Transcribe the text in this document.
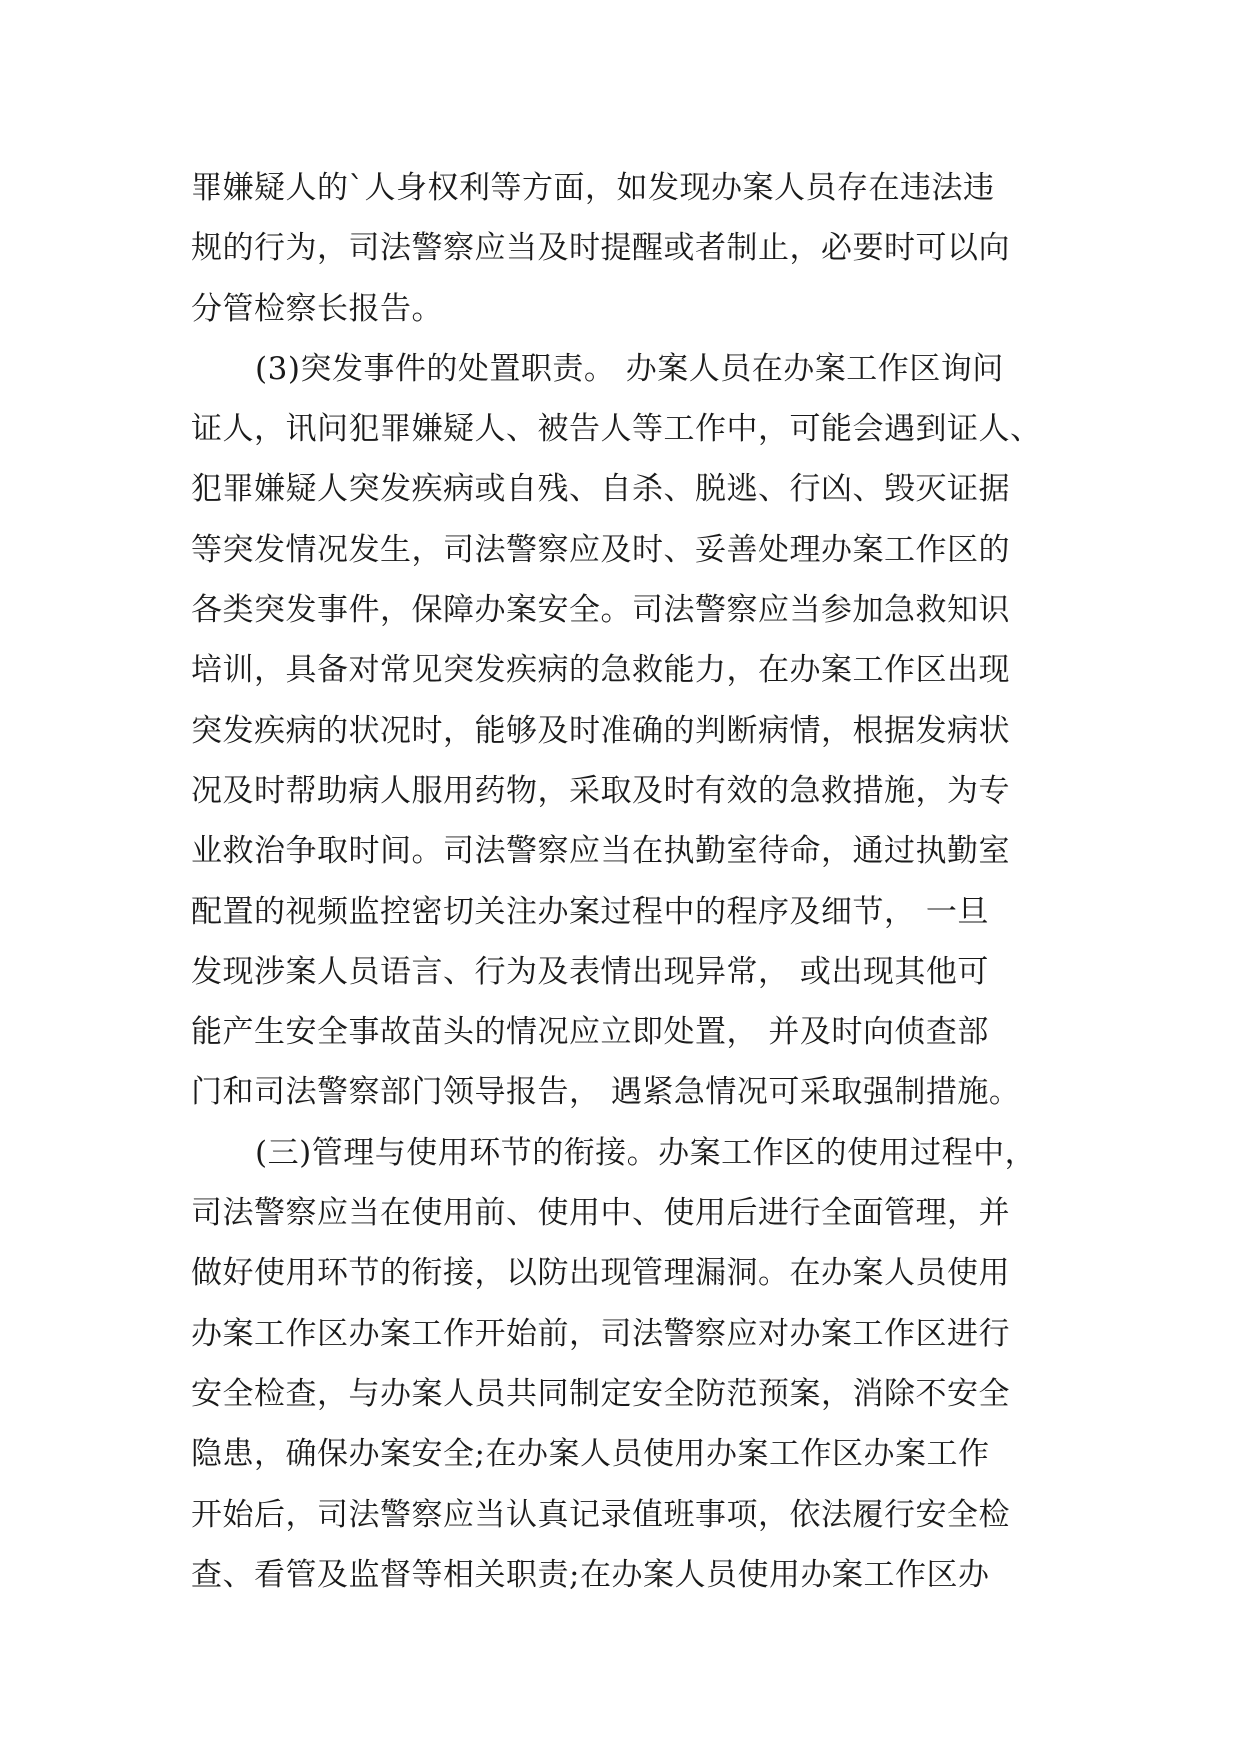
罪嫌疑人的`人身权利等方面，如发现办案人员存在违法违
规的行为，司法警察应当及时提醒或者制止，必要时可以向
分管检察长报告。
(3)突发事件的处置职责。 办案人员在办案工作区询问
证人，讯问犯罪嫌疑人、被告人等工作中，可能会遇到证人、
犯罪嫌疑人突发疾病或自残、自杀、脱逃、行凶、毁灭证据
等突发情况发生，司法警察应及时、妥善处理办案工作区的
各类突发事件，保障办案安全。司法警察应当参加急救知识
培训，具备对常见突发疾病的急救能力，在办案工作区出现
突发疾病的状况时，能够及时准确的判断病情，根据发病状
况及时帮助病人服用药物，采取及时有效的急救措施，为专
业救治争取时间。司法警察应当在执勤室待命，通过执勤室
配置的视频监控密切关注办案过程中的程序及细节， 一旦
发现涉案人员语言、行为及表情出现异常， 或出现其他可
能产生安全事故苗头的情况应立即处置， 并及时向侦查部
门和司法警察部门领导报告， 遇紧急情况可采取强制措施。
(三)管理与使用环节的衔接。办案工作区的使用过程中，
司法警察应当在使用前、使用中、使用后进行全面管理，并
做好使用环节的衔接，以防出现管理漏洞。在办案人员使用
办案工作区办案工作开始前，司法警察应对办案工作区进行
安全检查，与办案人员共同制定安全防范预案，消除不安全
隐患，确保办案安全;在办案人员使用办案工作区办案工作
开始后，司法警察应当认真记录值班事项，依法履行安全检
查、看管及监督等相关职责;在办案人员使用办案工作区办
